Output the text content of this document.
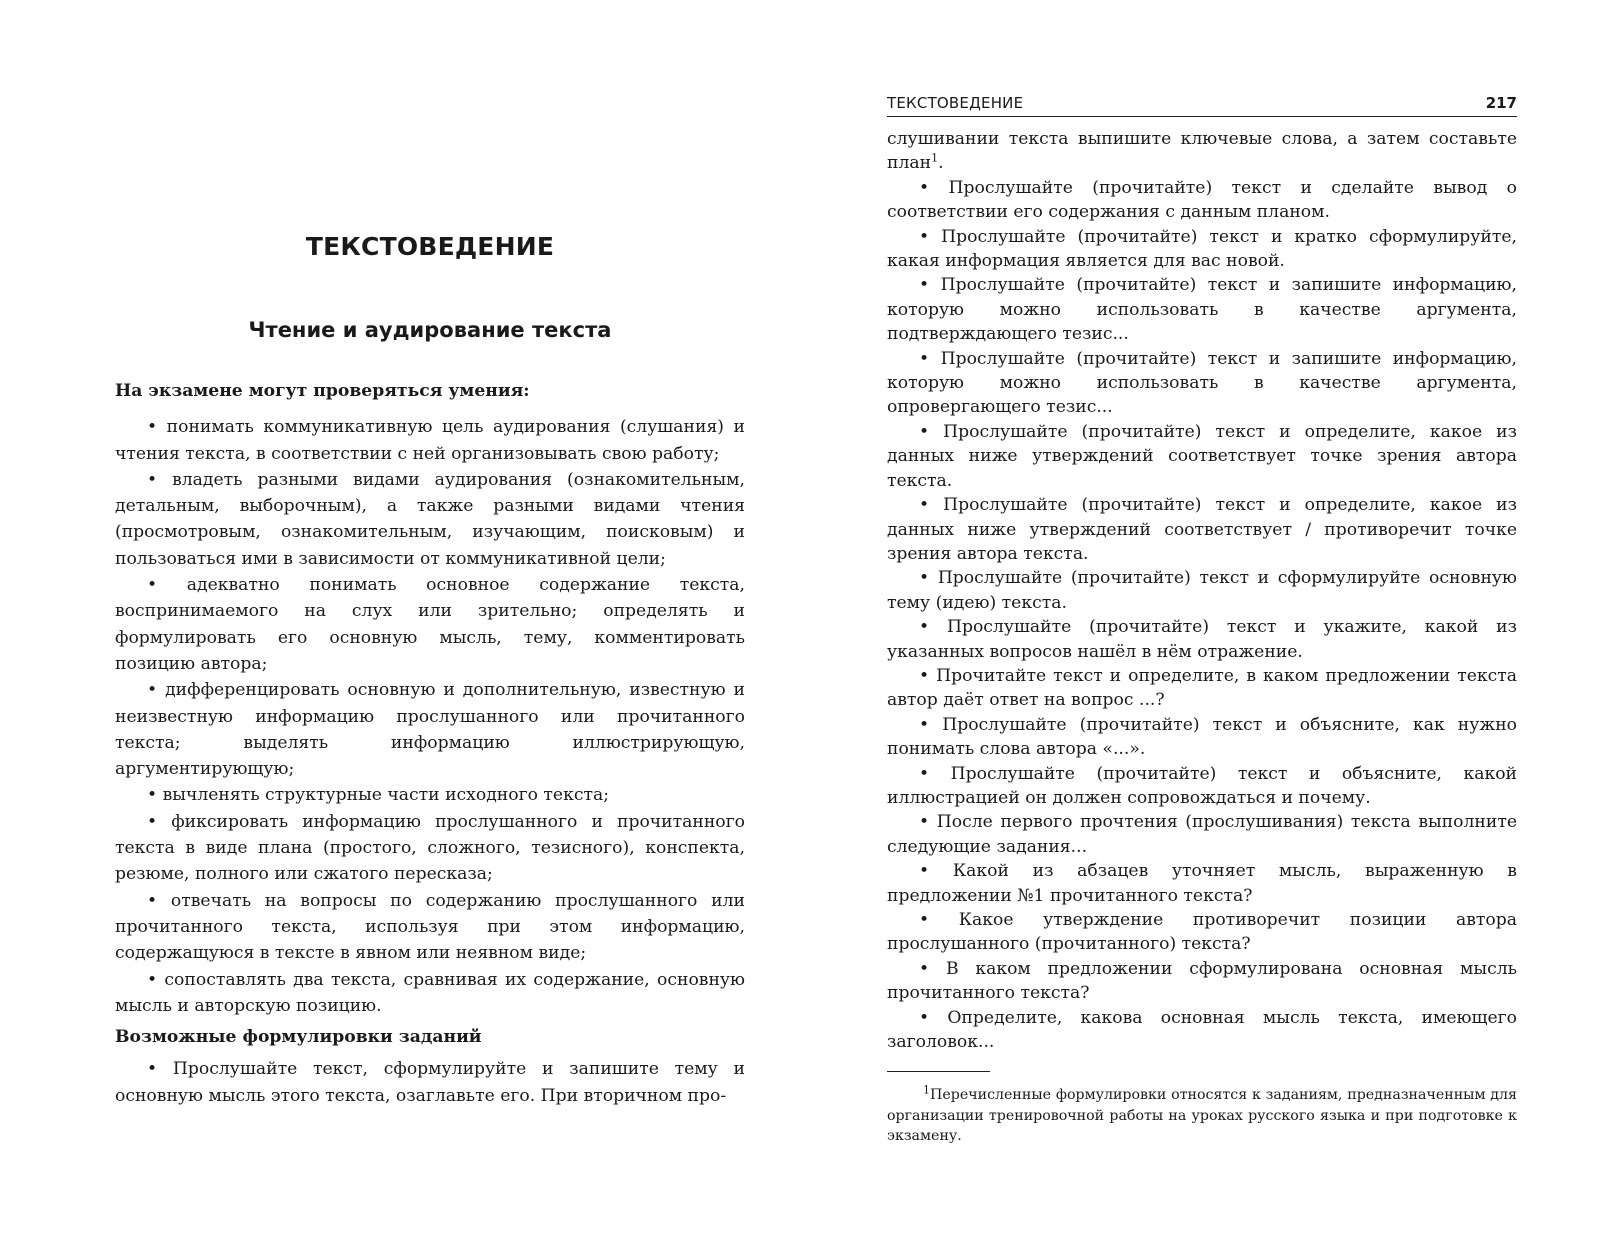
ТЕКСТОВЕДЕНИЕ
Чтение и аудирование текста

На экзамене могут проверяться умения:

• понимать коммуникативную цель аудирования (слушания) и чтения текста, в соответствии с ней организовывать свою работу;

• владеть разными видами аудирования (ознакомительным, детальным, выборочным), а также разными видами чтения (просмотровым, ознакомительным, изучающим, поисковым) и пользоваться ими в зависимости от коммуникативной цели;

• адекватно понимать основное содержание текста, воспринимаемого на слух или зрительно; определять и формулировать его основную мысль, тему, комментировать позицию автора;

• дифференцировать основную и дополнительную, известную и неизвестную информацию прослушанного или прочитанного текста; выделять информацию иллюстрирующую, аргументирующую;

• вычленять структурные части исходного текста;

• фиксировать информацию прослушанного и прочитанного текста в виде плана (простого, сложного, тезисного), конспекта, резюме, полного или сжатого пересказа;

• отвечать на вопросы по содержанию прослушанного или прочитанного текста, используя при этом информацию, содержащуюся в тексте в явном или неявном виде;

• сопоставлять два текста, сравнивая их содержание, основную мысль и авторскую позицию.

Возможные формулировки заданий

• Прослушайте текст, сформулируйте и запишите тему и основную мысль этого текста, озаглавьте его. При вторичном про-

ТЕКСТОВЕДЕНИЕ	217

слушивании текста выпишите ключевые слова, а затем составьте план$^1$.

• Прослушайте (прочитайте) текст и сделайте вывод о соответствии его содержания с данным планом.

• Прослушайте (прочитайте) текст и кратко сформулируйте, какая информация является для вас новой.

• Прослушайте (прочитайте) текст и запишите информацию, которую можно использовать в качестве аргумента, подтверждающего тезис...

• Прослушайте (прочитайте) текст и запишите информацию, которую можно использовать в качестве аргумента, опровергающего тезис...

• Прослушайте (прочитайте) текст и определите, какое из данных ниже утверждений соответствует точке зрения автора текста.

• Прослушайте (прочитайте) текст и определите, какое из данных ниже утверждений соответствует / противоречит точке зрения автора текста.

• Прослушайте (прочитайте) текст и сформулируйте основную тему (идею) текста.

• Прослушайте (прочитайте) текст и укажите, какой из указанных вопросов нашёл в нём отражение.

• Прочитайте текст и определите, в каком предложении текста автор даёт ответ на вопрос ...?

• Прослушайте (прочитайте) текст и объясните, как нужно понимать слова автора «...».

• Прослушайте (прочитайте) текст и объясните, какой иллюстрацией он должен сопровождаться и почему.

• После первого прочтения (прослушивания) текста выполните следующие задания...

• Какой из абзацев уточняет мысль, выраженную в предложении №1 прочитанного текста?

• Какое утверждение противоречит позиции автора прослушанного (прочитанного) текста?

• В каком предложении сформулирована основная мысль прочитанного текста?

• Определите, какова основная мысль текста, имеющего заголовок...

$^1$Перечисленные формулировки относятся к заданиям, предназначенным для организации тренировочной работы на уроках русского языка и при подготовке к экзамену.
